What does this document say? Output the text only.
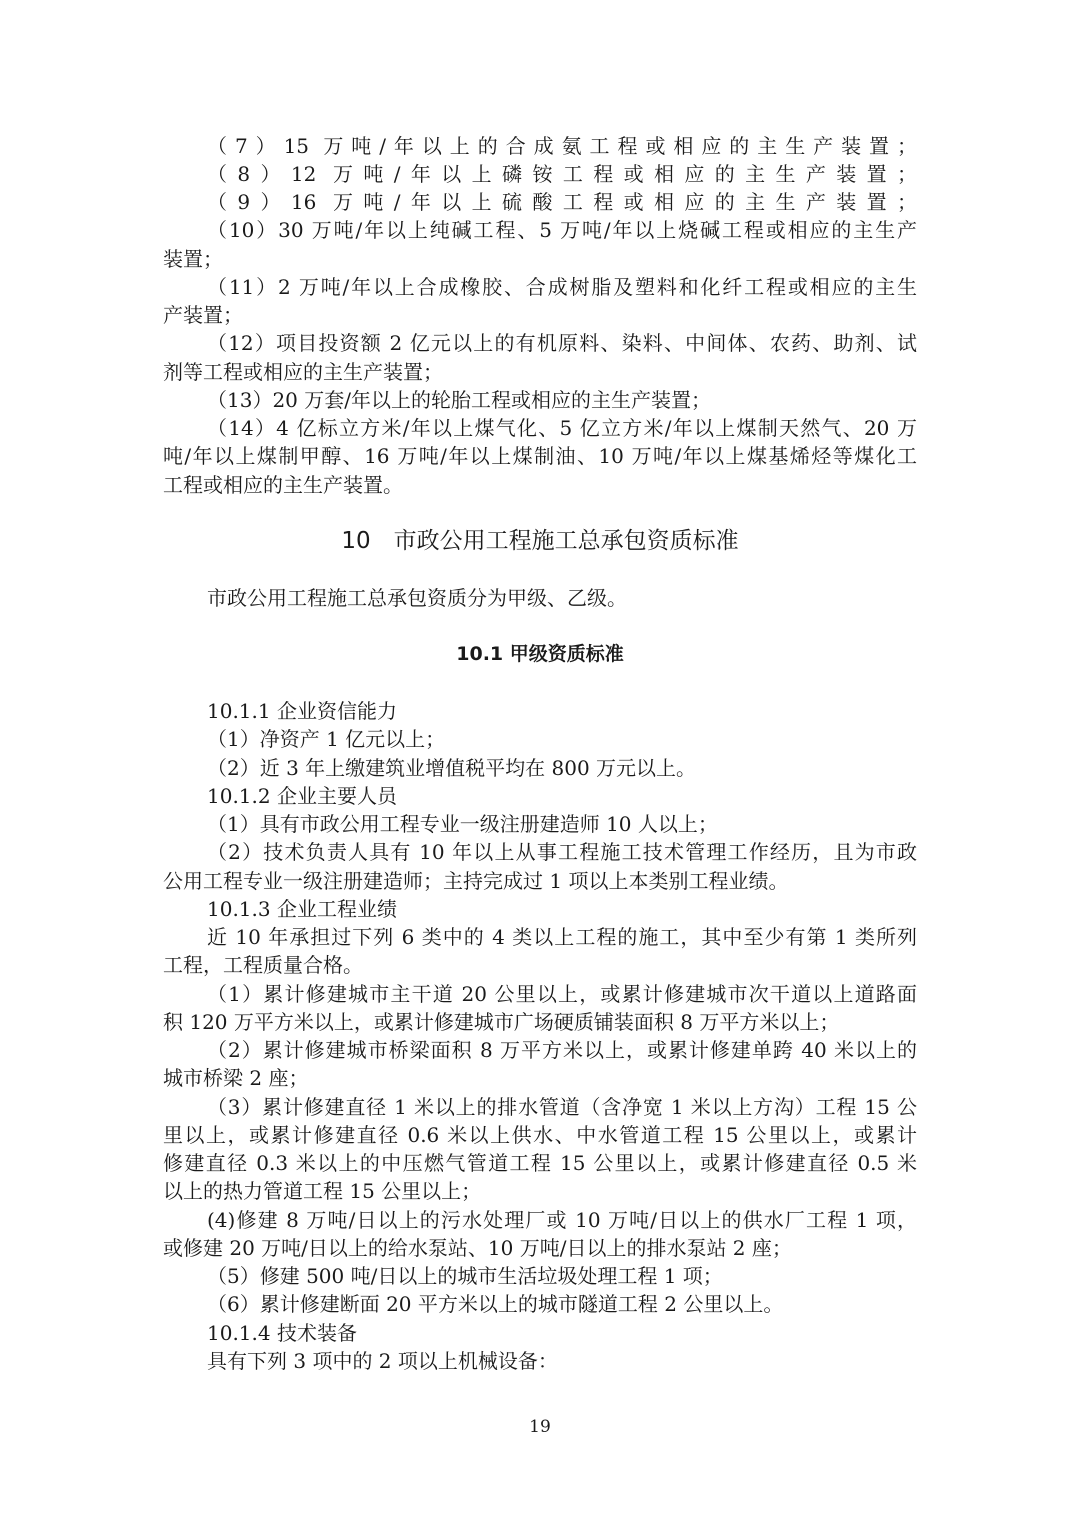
（7）15 万吨/年以上的合成氨工程或相应的主生产装置；
（8）12 万吨/年以上磷铵工程或相应的主生产装置；
（9）16 万吨/年以上硫酸工程或相应的主生产装置；
（10）30 万吨/年以上纯碱工程、5 万吨/年以上烧碱工程或相应的主生产
装置；
（11）2 万吨/年以上合成橡胶、合成树脂及塑料和化纤工程或相应的主生
产装置；
（12）项目投资额 2 亿元以上的有机原料、染料、中间体、农药、助剂、试
剂等工程或相应的主生产装置；
（13）20 万套/年以上的轮胎工程或相应的主生产装置；
（14）4 亿标立方米/年以上煤气化、5 亿立方米/年以上煤制天然气、20 万
吨/年以上煤制甲醇、16 万吨/年以上煤制油、10 万吨/年以上煤基烯烃等煤化工
工程或相应的主生产装置。
10　市政公用工程施工总承包资质标准
市政公用工程施工总承包资质分为甲级、乙级。
10.1 甲级资质标准
10.1.1 企业资信能力
（1）净资产 1 亿元以上；
（2）近 3 年上缴建筑业增值税平均在 800 万元以上。
10.1.2 企业主要人员
（1）具有市政公用工程专业一级注册建造师 10 人以上；
（2）技术负责人具有 10 年以上从事工程施工技术管理工作经历，且为市政
公用工程专业一级注册建造师；主持完成过 1 项以上本类别工程业绩。
10.1.3 企业工程业绩
近 10 年承担过下列 6 类中的 4 类以上工程的施工，其中至少有第 1 类所列
工程，工程质量合格。
（1）累计修建城市主干道 20 公里以上，或累计修建城市次干道以上道路面
积 120 万平方米以上，或累计修建城市广场硬质铺装面积 8 万平方米以上；
（2）累计修建城市桥梁面积 8 万平方米以上，或累计修建单跨 40 米以上的
城市桥梁 2 座；
（3）累计修建直径 1 米以上的排水管道（含净宽 1 米以上方沟）工程 15 公
里以上，或累计修建直径 0.6 米以上供水、中水管道工程 15 公里以上，或累计
修建直径 0.3 米以上的中压燃气管道工程 15 公里以上，或累计修建直径 0.5 米
以上的热力管道工程 15 公里以上；
(4)修建 8 万吨/日以上的污水处理厂或 10 万吨/日以上的供水厂工程 1 项，
或修建 20 万吨/日以上的给水泵站、10 万吨/日以上的排水泵站 2 座；
（5）修建 500 吨/日以上的城市生活垃圾处理工程 1 项；
（6）累计修建断面 20 平方米以上的城市隧道工程 2 公里以上。
10.1.4 技术装备
具有下列 3 项中的 2 项以上机械设备：
19
